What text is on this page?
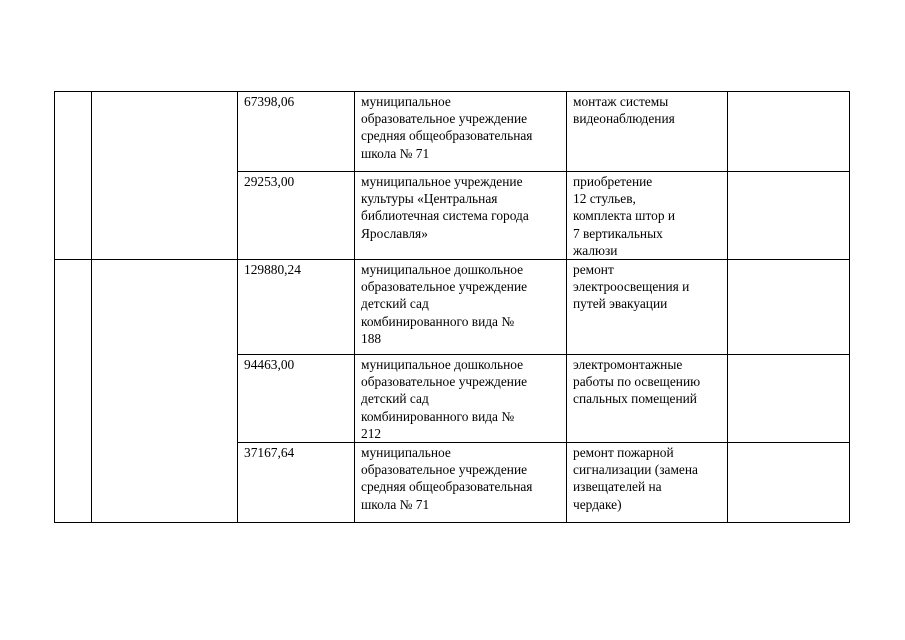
		67398,06	муниципальное
образовательное учреждение
средняя общеобразовательная
школа № 71	монтаж системы
видеонаблюдения	
		29253,00	муниципальное учреждение
культуры «Центральная
библиотечная система города
Ярославля»	приобретение
12 стульев,
комплекта штор и
7 вертикальных
жалюзи	
		129880,24	муниципальное дошкольное
образовательное учреждение
детский сад
комбинированного вида №
188	ремонт
электроосвещения и
путей эвакуации	
		94463,00	муниципальное дошкольное
образовательное учреждение
детский сад
комбинированного вида №
212	электромонтажные
работы по освещению
спальных помещений	
		37167,64	муниципальное
образовательное учреждение
средняя общеобразовательная
школа № 71	ремонт пожарной
сигнализации (замена
извещателей на
чердаке)	
